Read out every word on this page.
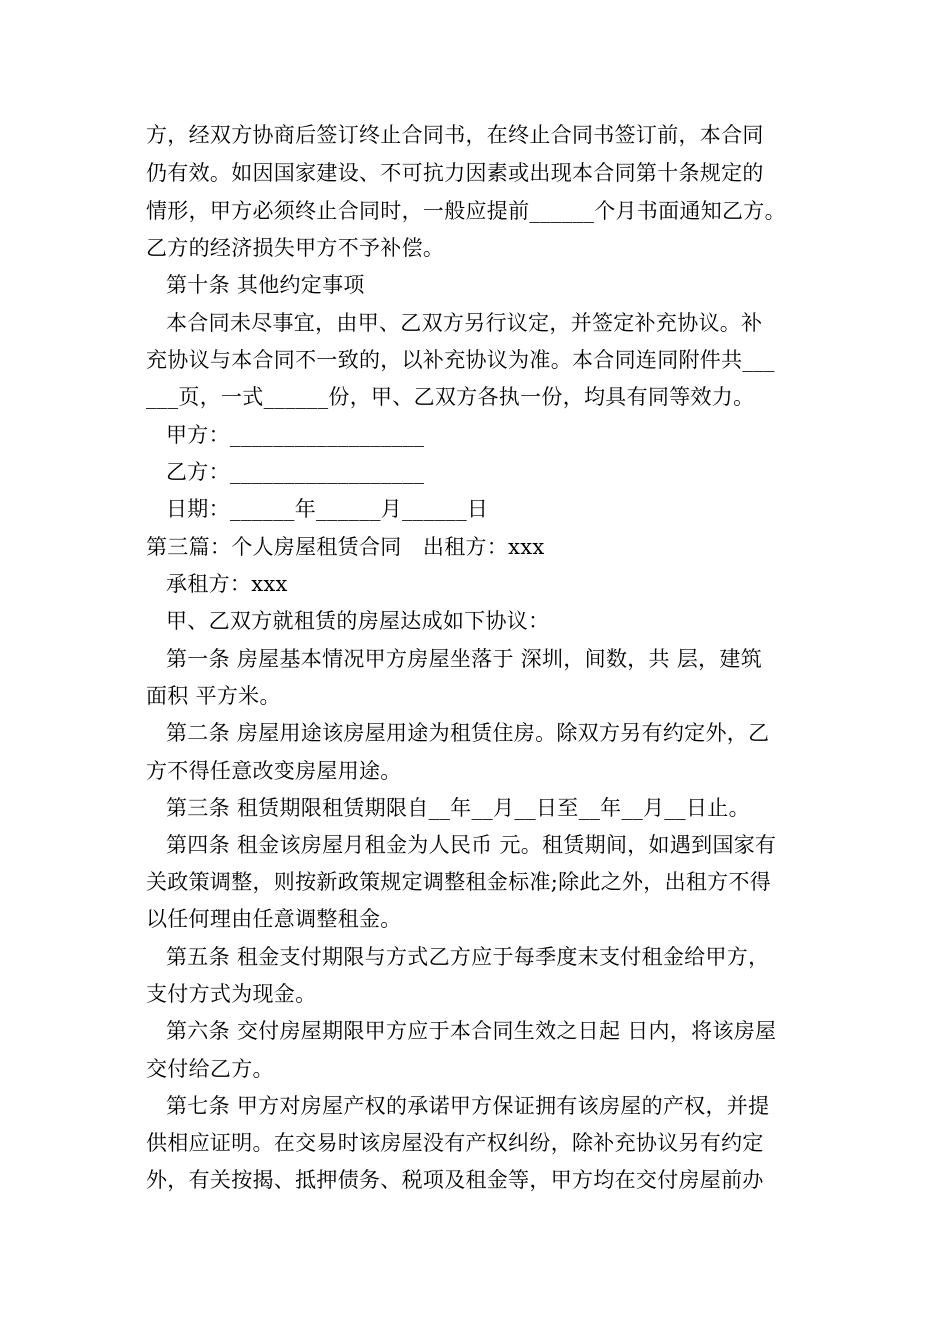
方，经双方协商后签订终止合同书，在终止合同书签订前，本合同
仍有效。如因国家建设、不可抗力因素或出现本合同第十条规定的
情形，甲方必须终止合同时，一般应提前______个月书面通知乙方。
乙方的经济损失甲方不予补偿。
第十条 其他约定事项
本合同未尽事宜，由甲、乙双方另行议定，并签定补充协议。补
充协议与本合同不一致的，以补充协议为准。本合同连同附件共___
___页，一式______份，甲、乙双方各执一份，均具有同等效力。
甲方：__________________
乙方：__________________
日期：______年______月______日
第三篇：个人房屋租赁合同　出租方：xxx
承租方：xxx
甲、乙双方就租赁的房屋达成如下协议：
第一条 房屋基本情况甲方房屋坐落于 深圳，间数，共 层，建筑
面积 平方米。
第二条 房屋用途该房屋用途为租赁住房。除双方另有约定外，乙
方不得任意改变房屋用途。
第三条 租赁期限租赁期限自__年__月__日至__年__月__日止。
第四条 租金该房屋月租金为人民币 元。租赁期间，如遇到国家有
关政策调整，则按新政策规定调整租金标准;除此之外，出租方不得
以任何理由任意调整租金。
第五条 租金支付期限与方式乙方应于每季度末支付租金给甲方，
支付方式为现金。
第六条 交付房屋期限甲方应于本合同生效之日起 日内，将该房屋
交付给乙方。
第七条 甲方对房屋产权的承诺甲方保证拥有该房屋的产权，并提
供相应证明。在交易时该房屋没有产权纠纷，除补充协议另有约定
外，有关按揭、抵押债务、税项及租金等，甲方均在交付房屋前办
